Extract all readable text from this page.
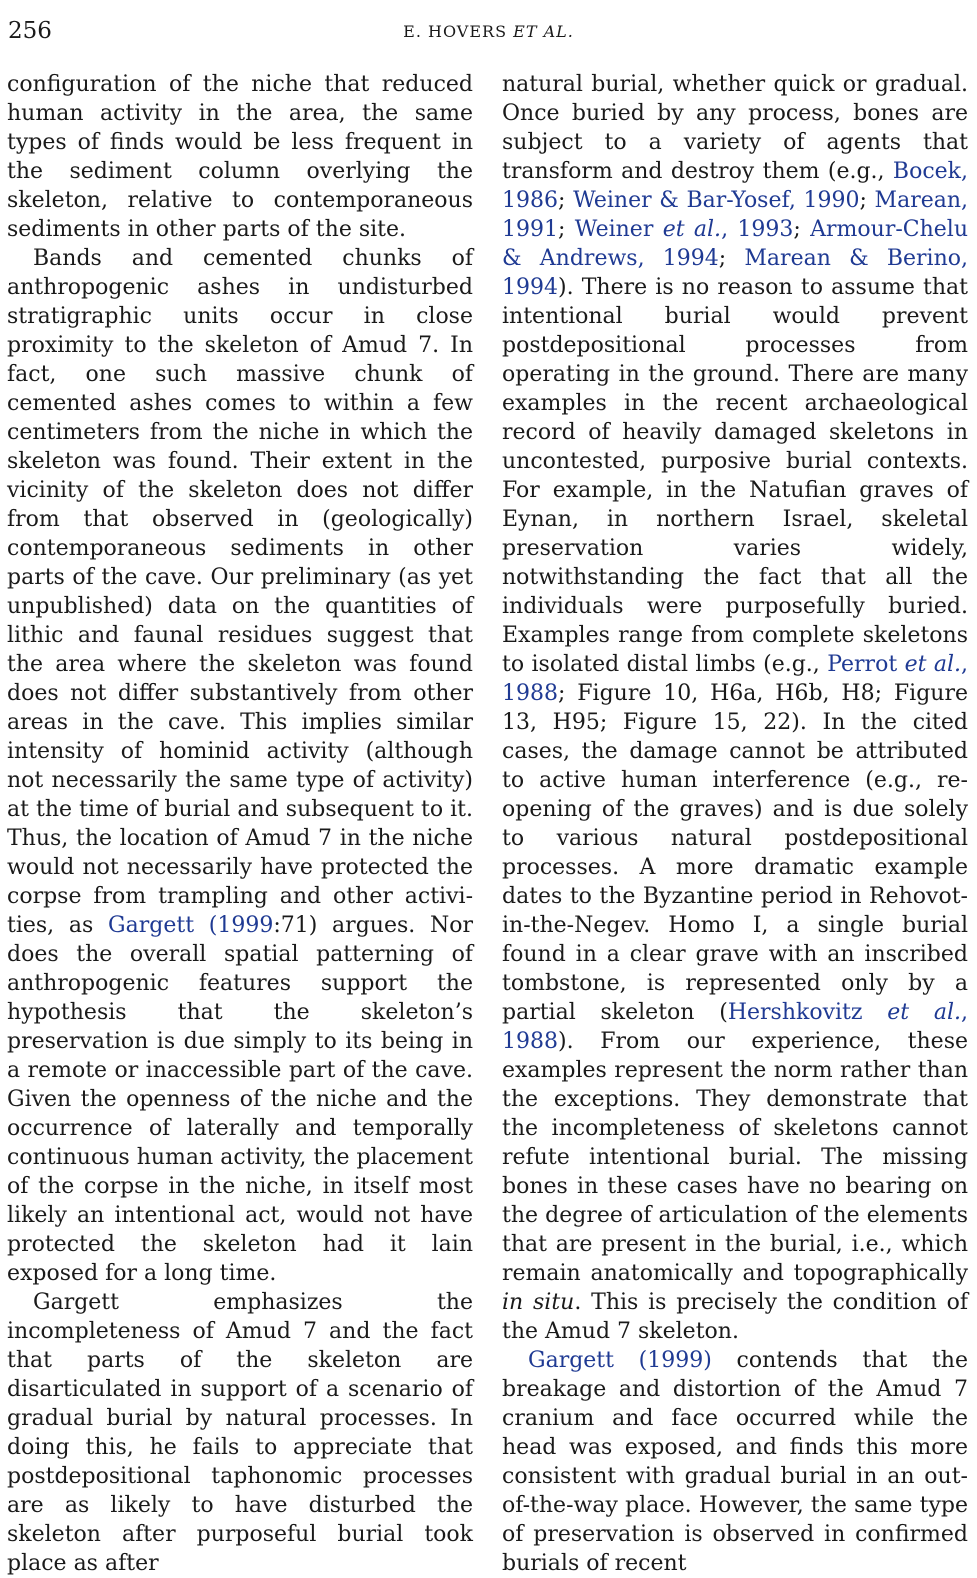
256	E. HOVERS ET AL.

configuration of the niche that reduced human activity in the area, the same types of finds would be less frequent in the sediment column overlying the skeleton, relative to contemporaneous sediments in other parts of the site.

Bands and cemented chunks of anthropogenic ashes in undisturbed stratigraphic units occur in close proximity to the skeleton of Amud 7. In fact, one such massive chunk of cemented ashes comes to within a few centimeters from the niche in which the skeleton was found. Their extent in the vicinity of the skeleton does not differ from that observed in (geologically) contemporaneous sediments in other parts of the cave. Our preliminary (as yet unpublished) data on the quantities of lithic and faunal residues suggest that the area where the skeleton was found does not differ substantively from other areas in the cave. This implies similar intensity of hominid activity (although not necessarily the same type of activity) at the time of burial and subsequent to it. Thus, the location of Amud 7 in the niche would not necessarily have protected the corpse from trampling and other activities, as Gargett (1999:71) argues. Nor does the overall spatial patterning of anthropogenic features support the hypothesis that the skeleton’s preservation is due simply to its being in a remote or inaccessible part of the cave. Given the openness of the niche and the occurrence of laterally and temporally continuous human activity, the placement of the corpse in the niche, in itself most likely an intentional act, would not have protected the skeleton had it lain exposed for a long time.

Gargett emphasizes the incompleteness of Amud 7 and the fact that parts of the skeleton are disarticulated in support of a scenario of gradual burial by natural processes. In doing this, he fails to appreciate that postdepositional taphonomic processes are as likely to have disturbed the skeleton after purposeful burial took place as after

natural burial, whether quick or gradual. Once buried by any process, bones are subject to a variety of agents that transform and destroy them (e.g., Bocek, 1986; Weiner & Bar-Yosef, 1990; Marean, 1991; Weiner et al., 1993; Armour-Chelu & Andrews, 1994; Marean & Berino, 1994). There is no reason to assume that intentional burial would prevent postdepositional processes from operating in the ground. There are many examples in the recent archaeological record of heavily damaged skeletons in uncontested, purposive burial contexts. For example, in the Natufian graves of Eynan, in northern Israel, skeletal preservation varies widely, notwithstanding the fact that all the individuals were purposefully buried. Examples range from complete skeletons to isolated distal limbs (e.g., Perrot et al., 1988; Figure 10, H6a, H6b, H8; Figure 13, H95; Figure 15, 22). In the cited cases, the damage cannot be attributed to active human interference (e.g., re-opening of the graves) and is due solely to various natural postdepositional processes. A more dramatic example dates to the Byzantine period in Rehovot-in-the-Negev. Homo I, a single burial found in a clear grave with an inscribed tombstone, is represented only by a partial skeleton (Hershkovitz et al., 1988). From our experience, these examples represent the norm rather than the exceptions. They demonstrate that the incompleteness of skeletons cannot refute intentional burial. The missing bones in these cases have no bearing on the degree of articulation of the elements that are present in the burial, i.e., which remain anatomically and topographically in situ. This is precisely the condition of the Amud 7 skeleton.

Gargett (1999) contends that the breakage and distortion of the Amud 7 cranium and face occurred while the head was exposed, and finds this more consistent with gradual burial in an out-of-the-way place. However, the same type of preservation is observed in confirmed burials of recent
